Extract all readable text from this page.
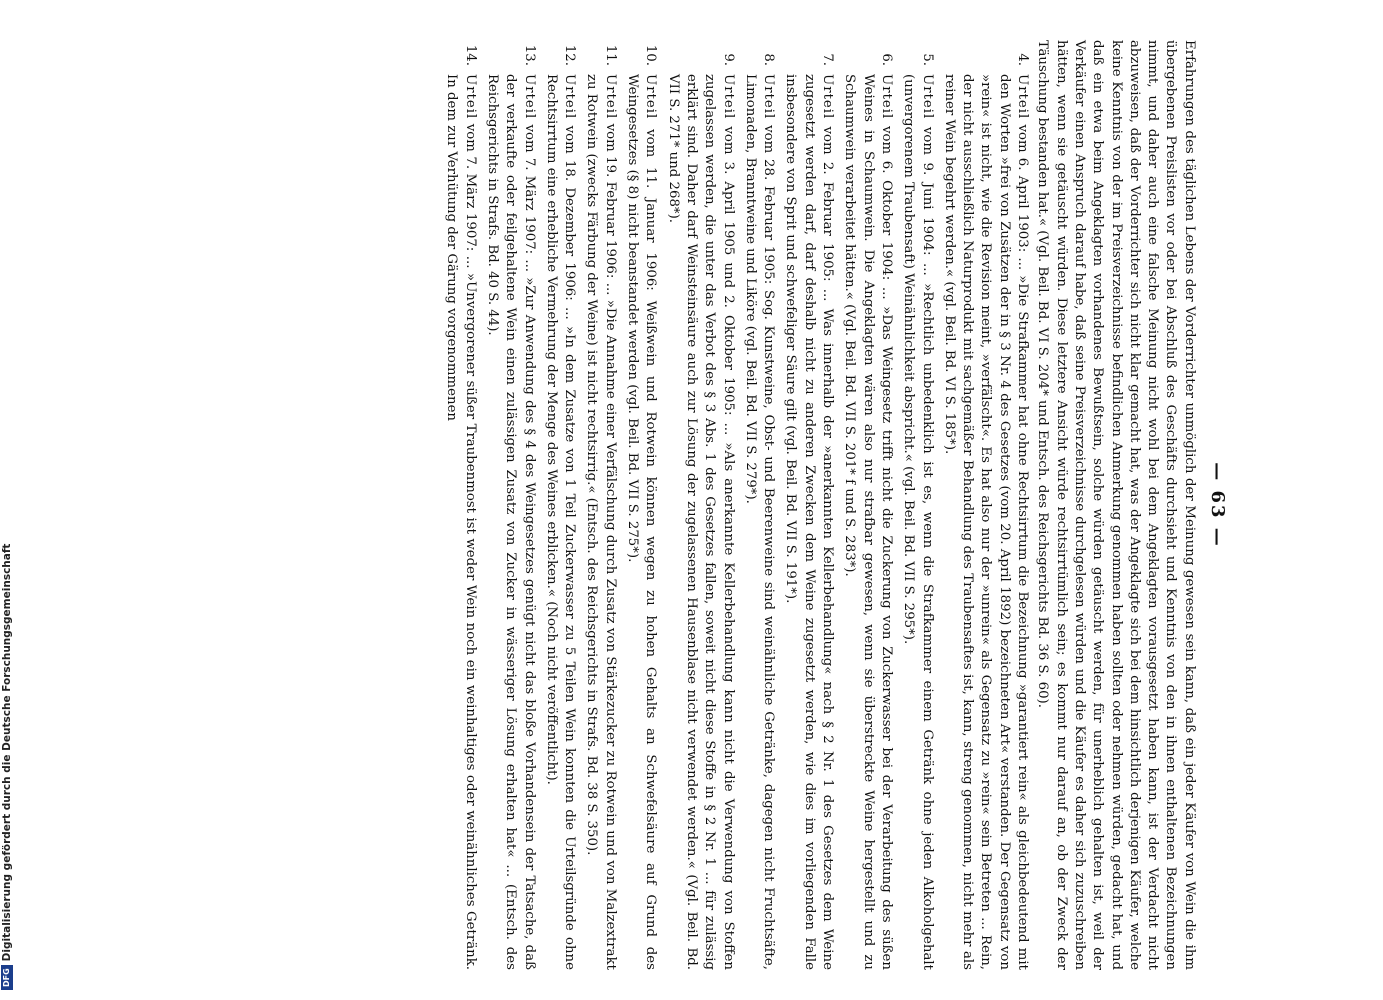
DFG
Digitalisierung gefördert durch die Deutsche Forschungsgemeinschaft
— 63 —

Erfahrungen des täglichen Lebens der Vorderrichter unmöglich der Meinung gewesen sein kann, daß ein jeder Käufer von Wein die ihm übergebenen Preislisten vor oder bei Abschluß des Geschäfts durchsieht und Kenntnis von den in ihnen enthaltenen Bezeichnungen nimmt, und daher auch eine falsche Meinung nicht wohl bei dem Angeklagten vorausgesetzt haben kann, ist der Verdacht nicht abzuweisen, daß der Vorderrichter sich nicht klar gemacht hat, was der Angeklagte sich bei dem hinsichtlich derjenigen Käufer, welche keine Kenntnis von der im Preisverzeichnisse befindlichen Anmerkung genommen haben sollten oder nehmen würden, gedacht hat, und daß ein etwa beim Angeklagten vorhandenes Bewußtsein, solche würden getäuscht werden, für unerheblich gehalten ist, weil der Verkäufer einen Anspruch darauf habe, daß seine Preisverzeichnisse durchgelesen würden und die Käufer es daher sich zuzuschreiben hätten, wenn sie getäuscht würden. Diese letztere Ansicht würde rechtsirrtümlich sein; es kommt nur darauf an, ob der Zweck der Täuschung bestanden hat.« (Vgl. Beil. Bd. VI S. 204* und Entsch. des Reichsgerichts Bd. 36 S. 60).

4.
Urteil vom 6. April 1903: ... »Die Strafkammer hat ohne Rechtsirrtum die Bezeichnung »garantiert rein« als gleichbedeutend mit den Worten »frei von Zusätzen der in § 3 Nr. 4 des Gesetzes (vom 20. April 1892) bezeichneten Art« verstanden. Der Gegensatz von »rein« ist nicht, wie die Revision meint, »verfälscht«. Es hat also nur der »unrein« als Gegensatz zu »rein« sein Betreten ... Rein, der nicht ausschließlich Naturprodukt mit sachgemäßer Behandlung des Traubensaftes ist, kann, streng genommen, nicht mehr als reiner Wein begehrt werden.« (vgl. Beil. Bd. VI S. 185*).
5.
Urteil vom 9. Juni 1904: ... »Rechtlich unbedenklich ist es, wenn die Strafkammer einem Getränk ohne jeden Alkoholgehalt (unvergorenem Traubensaft) Weinähnlichkeit abspricht.« (vgl. Beil. Bd. VII S. 295*).
6.
Urteil vom 6. Oktober 1904: ... »Das Weingesetz trifft nicht die Zuckerung von Zuckerwasser bei der Verarbeitung des süßen Weines in Schaumwein. Die Angeklagten wären also nur strafbar gewesen, wenn sie überstreckte Weine hergestellt und zu Schaumwein verarbeitet hätten.« (Vgl. Beil. Bd. VII S. 201* f und S. 283*).
7.
Urteil vom 2. Februar 1905: ... Was innerhalb der »anerkannten Kellerbehandlung« nach § 2 Nr. 1 des Gesetzes dem Weine zugesetzt werden darf, darf deshalb nicht zu anderen Zwecken dem Weine zugesetzt werden, wie dies im vorliegenden Falle insbesondere von Sprit und schwefeliger Säure gilt (vgl. Beil. Bd. VII S. 191*).
8.
Urteil vom 28. Februar 1905: Sog. Kunstweine, Obst- und Beerenweine sind weinähnliche Getränke, dagegen nicht Fruchtsäfte, Limonaden, Branntweine und Liköre (vgl. Beil. Bd. VII S. 279*).
9.
Urteil vom 3. April 1905 und 2. Oktober 1905: ... »Als anerkannte Kellerbehandlung kann nicht die Verwendung von Stoffen zugelassen werden, die unter das Verbot des § 3 Abs. 1 des Gesetzes fallen, soweit nicht diese Stoffe in § 2 Nr. 1 ... für zulässig erklärt sind. Daher darf Weinsteinsäure auch zur Lösung der zugelassenen Hausenblase nicht verwendet werden.« (Vgl. Beil. Bd. VII S. 271* und 268*).
10.
Urteil vom 11. Januar 1906: Weißwein und Rotwein können wegen zu hohen Gehalts an Schwefelsäure auf Grund des Weingesetzes (§ 8) nicht beanstandet werden (vgl. Beil. Bd. VII S. 275*).
11.
Urteil vom 19. Februar 1906: ... »Die Annahme einer Verfälschung durch Zusatz von Stärkezucker zu Rotwein und von Malzextrakt zu Rotwein (zwecks Färbung der Weine) ist nicht rechtsirrig.« (Entsch. des Reichsgerichts in Strafs. Bd. 38 S. 350).
12.
Urteil vom 18. Dezember 1906: ... »In dem Zusatze von 1 Teil Zuckerwasser zu 5 Teilen Wein konnten die Urteilsgründe ohne Rechtsirrtum eine erhebliche Vermehrung der Menge des Weines erblicken.« (Noch nicht veröffentlicht).
13.
Urteil vom 7. März 1907: ... »Zur Anwendung des § 4 des Weingesetzes genügt nicht das bloße Vorhandensein der Tatsache, daß der verkaufte oder feilgehaltene Wein einen zulässigen Zusatz von Zucker in wässeriger Lösung erhalten hat« ... (Entsch. des Reichsgerichts in Strafs. Bd. 40 S. 44).
14.
Urteil vom 7. März 1907: ... »Unvergorener süßer Traubenmost ist weder Wein noch ein weinhaltiges oder weinähnliches Getränk. In dem zur Verhütung der Gärung vorgenommenen
